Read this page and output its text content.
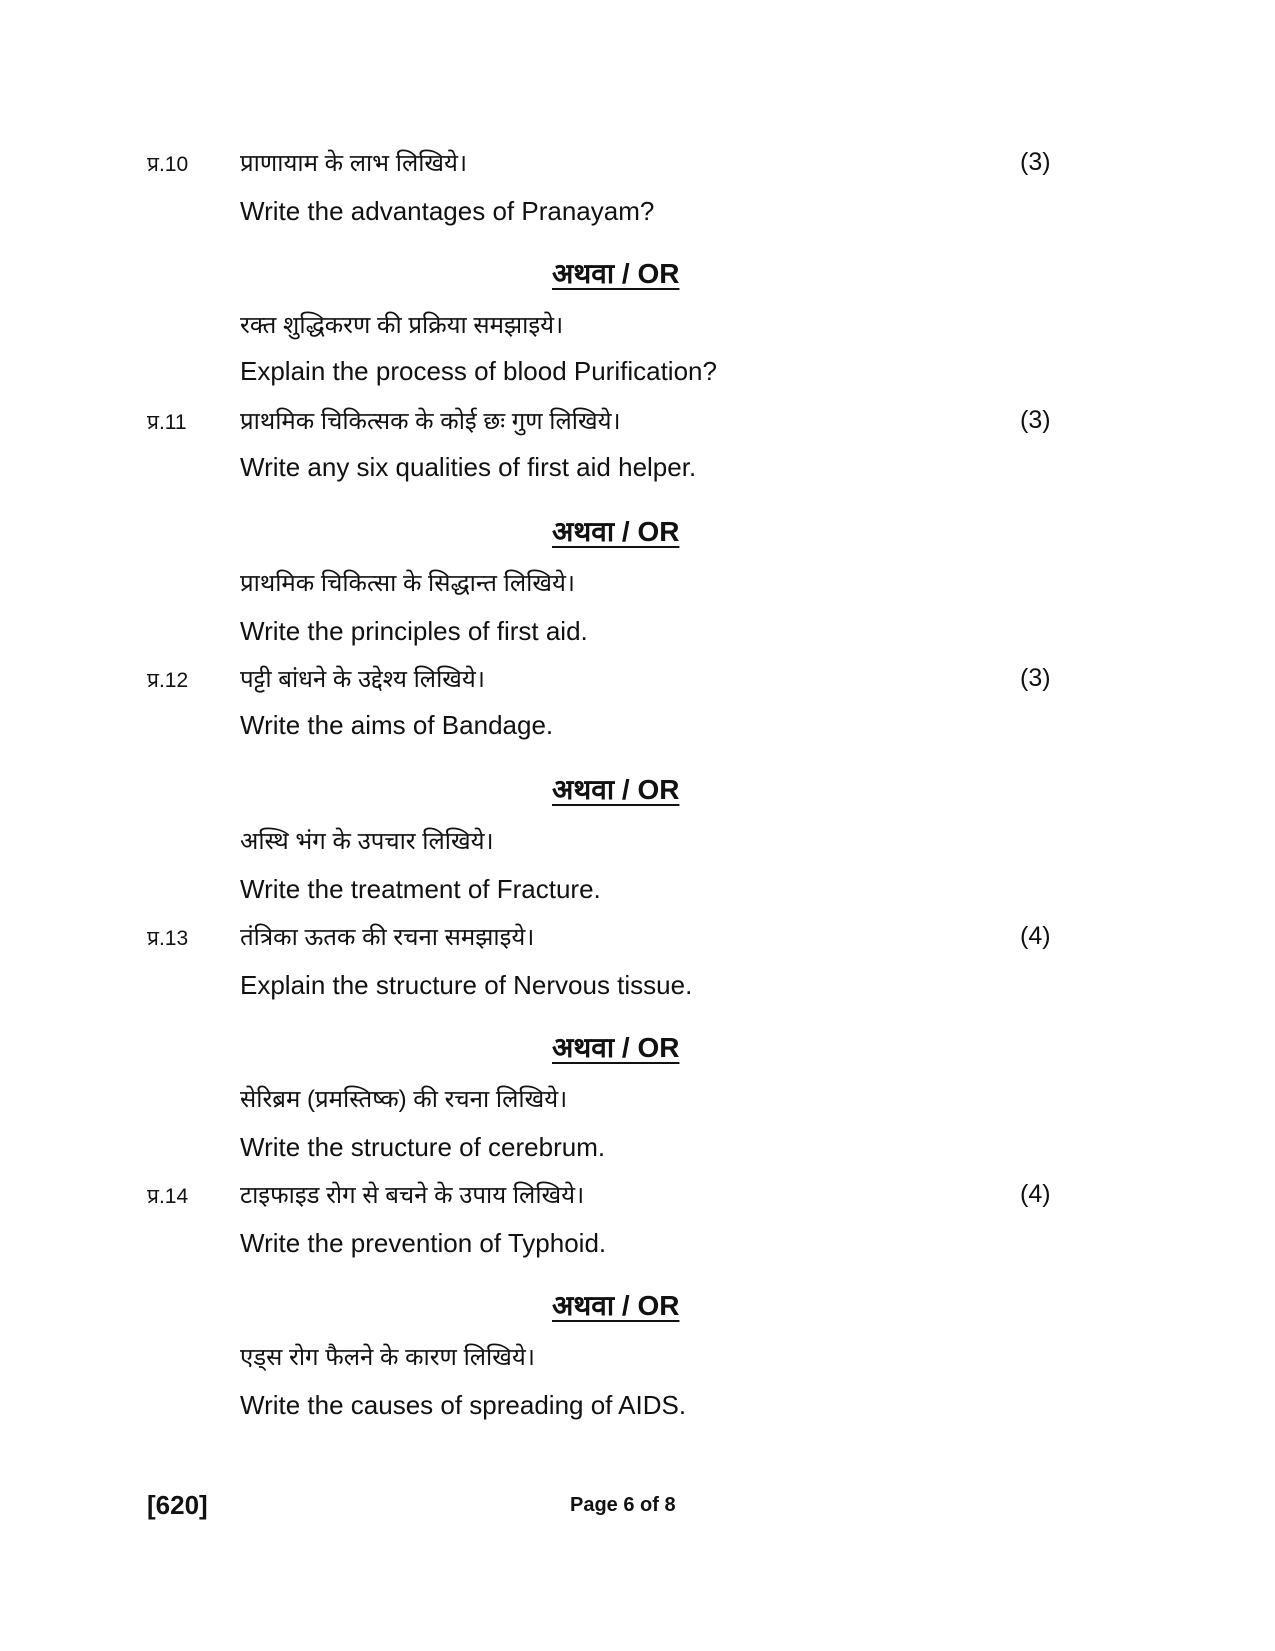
प्र.10 प्राणायाम के लाभ लिखिये।	(3)
Write the advantages of Pranayam?
अथवा / OR
रक्त शुद्धिकरण की प्रक्रिया समझाइये।
Explain the process of blood Purification?
प्र.11 प्राथमिक चिकित्सक के कोई छः गुण लिखिये।	(3)
Write any six qualities of first aid helper.
अथवा / OR
प्राथमिक चिकित्सा के सिद्धान्त लिखिये।
Write the principles of first aid.
प्र.12 पट्टी बांधने के उद्देश्य लिखिये।	(3)
Write the aims of Bandage.
अथवा / OR
अस्थि भंग के उपचार लिखिये।
Write the treatment of Fracture.
प्र.13 तंत्रिका ऊतक की रचना समझाइये।	(4)
Explain the structure of Nervous tissue.
अथवा / OR
सेरिब्रम (प्रमस्तिष्क) की रचना लिखिये।
Write the structure of cerebrum.
प्र.14 टाइफाइड रोग से बचने के उपाय लिखिये।	(4)
Write the prevention of Typhoid.
अथवा / OR
एड्स रोग फैलने के कारण लिखिये।
Write the causes of spreading of AIDS.
[620]	Page 6 of 8
